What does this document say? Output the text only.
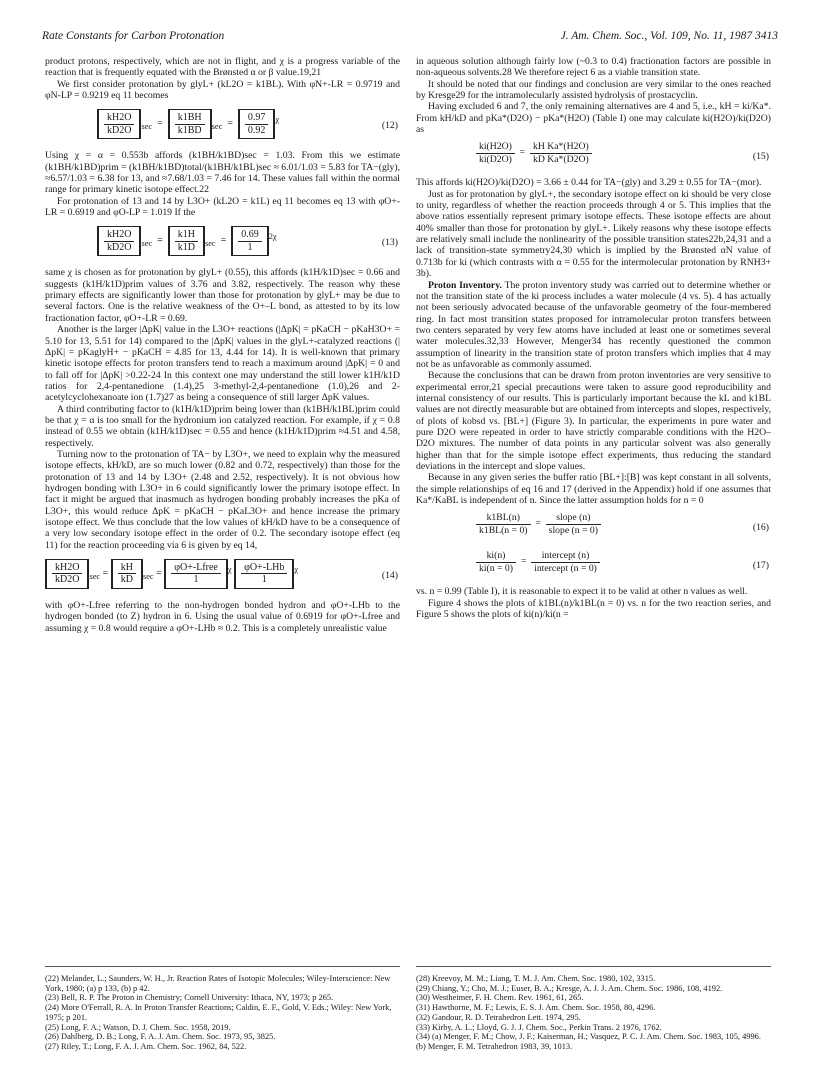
Rate Constants for Carbon Protonation	J. Am. Chem. Soc., Vol. 109, No. 11, 1987 3413

product protons, respectively, which are not in flight, and χ is a progress variable of the reaction that is frequently equated with the Brønsted α or β value.19,21

We first consider protonation by glyL+ (kL2O = k1BL). With φN+-LR = 0.9719 and φN-LP = 0.9219 eq 11 becomes

$\frac{kH2O}{kD2O} _{sec} = \frac{k1BH}{k1BD} _{sec} = \frac{0.97}{0.92} ^\chi$
(12)

Using χ = α = 0.553b affords (k1BH/k1BD)sec = 1.03. From this we estimate (k1BH/k1BD)prim = (k1BH/k1BD)total/(k1BH/k1BL)sec ≈ 6.01/1.03 = 5.83 for TA−(gly), ≈6.57/1.03 = 6.38 for 13, and ≈7.68/1.03 = 7.46 for 14. These values fall within the normal range for primary kinetic isotope effect.22

For protonation of 13 and 14 by L3O+ (kL2O = k1L) eq 11 becomes eq 13 with φO+-LR = 0.6919 and φO-LP = 1.019 If the

$\frac{kH2O}{kD2O} _{sec} = \frac{k1H}{k1D} _{sec} = \frac{0.69}{1} ^{2\chi}$
(13)

same χ is chosen as for protonation by glyL+ (0.55), this affords (k1H/k1D)sec = 0.66 and suggests (k1H/k1D)prim values of 3.76 and 3.82, respectively. The reason why these primary effects are significantly lower than those for protonation by glyL+ may be due to several factors. One is the relative weakness of the O+–L bond, as attested to by its low fractionation factor, φO+-LR = 0.69.

Another is the larger |ΔpK| value in the L3O+ reactions (|ΔpK| = pKaCH − pKaH3O+ = 5.10 for 13, 5.51 for 14) compared to the |ΔpK| values in the glyL+-catalyzed reactions (|ΔpK| = pKaglyH+ − pKaCH = 4.85 for 13, 4.44 for 14). It is well-known that primary kinetic isotope effects for proton transfers tend to reach a maximum around |ΔpK| = 0 and to fall off for |ΔpK| >0.22-24 In this context one may understand the still lower k1H/k1D ratios for 2,4-pentanedione (1.4),25 3-methyl-2,4-pentanedione (1.0),26 and 2-acetylcyclohexanoate ion (1.7)27 as being a consequence of still larger ΔpK values.

A third contributing factor to (k1H/k1D)prim being lower than (k1BH/k1BL)prim could be that χ = α is too small for the hydronium ion catalyzed reaction. For example, if χ = 0.8 instead of 0.55 we obtain (k1H/k1D)sec = 0.55 and hence (k1H/k1D)prim ≈4.51 and 4.58, respectively.

Turning now to the protonation of TA− by L3O+, we need to explain why the measured isotope effects, kH/kD, are so much lower (0.82 and 0.72, respectively) than those for the protonation of 13 and 14 by L3O+ (2.48 and 2.52, respectively). It is not obvious how hydrogen bonding with L3O+ in 6 could significantly lower the primary isotope effect. In fact it might be argued that inasmuch as hydrogen bonding probably increases the pKa of L3O+, this would reduce ΔpK = pKaCH − pKaL3O+ and hence increase the primary isotope effect. We thus conclude that the low values of kH/kD have to be a consequence of a very low secondary isotope effect in the order of 0.2. The secondary isotope effect (eq 11) for the reaction proceeding via 6 is given by eq 14,

$\frac{kH2O}{kD2O} _{sec} = \frac{kH}{kD} _{sec} = \frac{\text{φO+-Lfree}}{1} ^\chi \frac{\text{φO+-LHb}}{1} ^\chi$
(14)

with φO+-Lfree referring to the non-hydrogen bonded hydron and φO+-LHb to the hydrogen bonded (to Z) hydron in 6. Using the usual value of 0.6919 for φO+-Lfree and assuming χ = 0.8 would require a φO+-LHb ≈ 0.2. This is a completely unrealistic value

in aqueous solution although fairly low (~0.3 to 0.4) fractionation factors are possible in non-aqueous solvents.28 We therefore reject 6 as a viable transition state.

It should be noted that our findings and conclusion are very similar to the ones reached by Kresge29 for the intramolecularly assisted hydrolysis of prostacyclin.

Having excluded 6 and 7, the only remaining alternatives are 4 and 5, i.e., kH = ki/Ka*. From kH/kD and pKa*(D2O) − pKa*(H2O) (Table I) one may calculate ki(H2O)/ki(D2O) as

$\frac{ki(H2O)}{ki(D2O)} = \frac{\text{kH Ka*(H2O)}}{\text{kD Ka*(D2O)}}$	(15)

This affords ki(H2O)/ki(D2O) = 3.66 ± 0.44 for TA−(gly) and 3.29 ± 0.55 for TA−(mor).

Just as for protonation by glyL+, the secondary isotope effect on ki should be very close to unity, regardless of whether the reaction proceeds through 4 or 5. This implies that the above ratios essentially represent primary isotope effects. These isotope effects are about 40% smaller than those for protonation by glyL+. Likely reasons why these isotope effects are relatively small include the nonlinearity of the possible transition states22b,24,31 and a lack of transition-state symmetry24,30 which is implied by the Brønsted αN value of 0.713b for ki (which contrasts with α = 0.55 for the intermolecular protonation by RNH3+ 3b).

Proton Inventory. The proton inventory study was carried out to determine whether or not the transition state of the ki process includes a water molecule (4 vs. 5). 4 has actually not been seriously advocated because of the unfavorable geometry of the four-membered ring. In fact most transition states proposed for intramolecular proton transfers between two centers separated by very few atoms have included at least one or sometimes several water molecules.32,33 However, Menger34 has recently questioned the common assumption of linearity in the transition state of proton transfers which implies that 4 may not be as unfavorable as commonly assumed.

Because the conclusions that can be drawn from proton inventories are very sensitive to experimental error,21 special precautions were taken to assure good reproducibility and internal consistency of our results. This is particularly important because the kL and k1BL values are not directly measurable but are obtained from intercepts and slopes, respectively, of plots of kobsd vs. [BL+] (Figure 3). In particular, the experiments in pure water and pure D2O were repeated in order to have strictly comparable conditions with the H2O–D2O mixtures. The number of data points in any particular solvent was also generally higher than that for the simple isotope effect experiments, thus reducing the standard deviations in the intercept and slope values.

Because in any given series the buffer ratio [BL+]:[B] was kept constant in all solvents, the simple relationships of eq 16 and 17 (derived in the Appendix) hold if one assumes that Ka*/KaBL is independent of n. Since the latter assumption holds for n = 0

$\frac{k1BL(n)}{k1BL(n = 0)} = \frac{\text{slope (n)}}{\text{slope (n = 0)}}$	(16)
$\frac{ki(n)}{ki(n = 0)} = \frac{\text{intercept (n)}}{\text{intercept (n = 0)}}$	(17)

vs. n = 0.99 (Table I), it is reasonable to expect it to be valid at other n values as well.

Figure 4 shows the plots of k1BL(n)/k1BL(n = 0) vs. n for the two reaction series, and Figure 5 shows the plots of ki(n)/ki(n =

(22) Melander, L.; Saunders, W. H., Jr. Reaction Rates of Isotopic Molecules; Wiley-Interscience: New York, 1980; (a) p 133, (b) p 42.
(23) Bell, R. P. The Proton in Chemistry; Cornell University: Ithaca, NY, 1973; p 265.
(24) More O'Ferrall, R. A. In Proton Transfer Reactions; Caldin, E. F., Gold, V. Eds.; Wiley: New York, 1975; p 201.
(25) Long, F. A.; Watson, D. J. Chem. Soc. 1958, 2019.
(26) Dahlberg, D. B.; Long, F. A. J. Am. Chem. Soc. 1973, 95, 3825.
(27) Riley, T.; Long, F. A. J. Am. Chem. Soc. 1962, 84, 522.
(28) Kreevoy, M. M.; Liang, T. M. J. Am. Chem. Soc. 1980, 102, 3315.
(29) Chiang, Y.; Cho, M. J.; Euser, B. A.; Kresge, A. J. J. Am. Chem. Soc. 1986, 108, 4192.
(30) Westheimer, F. H. Chem. Rev. 1961, 61, 265.
(31) Hawthorne, M. F.; Lewis, E. S. J. Am. Chem. Soc. 1958, 80, 4296.
(32) Gandour, R. D. Tetrahedron Lett. 1974, 295.
(33) Kirby, A. L.; Lloyd, G. J. J. Chem. Soc., Perkin Trans. 2 1976, 1762.
(34) (a) Menger, F. M.; Chow, J. F.; Kaiserman, H.; Vasquez, P. C. J. Am. Chem. Soc. 1983, 105, 4996. (b) Menger, F. M. Tetrahedron 1983, 39, 1013.
